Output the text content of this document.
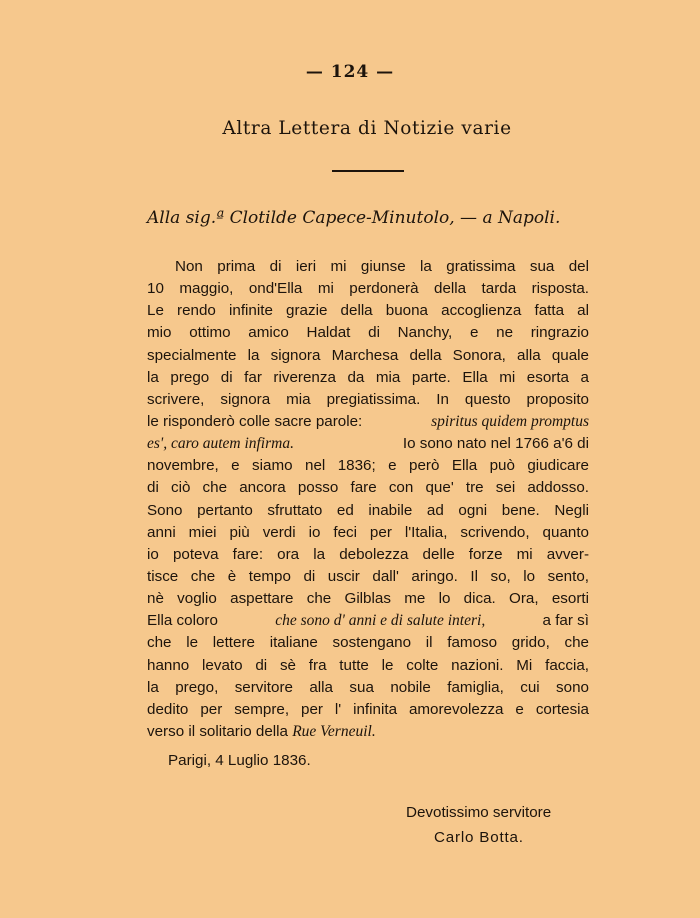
— 124 —
Altra Lettera di Notizie varie
Alla sig.ª Clotilde Capece-Minutolo, — a Napoli.
Non prima di ieri mi giunse la gratissima sua del
10 maggio, ond'Ella mi perdonerà della tarda risposta.
Le rendo infinite grazie della buona accoglienza fatta al
mio ottimo amico Haldat di Nanchy, e ne ringrazio
specialmente la signora Marchesa della Sonora, alla quale
la prego di far riverenza da mia parte. Ella mi esorta a
scrivere, signora mia pregiatissima. In questo proposito
le risponderò colle sacre parole:	spiritus quidem promptus
es', caro autem infirma.	Io sono nato nel 1766 a'6 di
novembre, e siamo nel 1836; e però Ella può giudicare
di ciò che ancora posso fare con que' tre sei addosso.
Sono pertanto sfruttato ed inabile ad ogni bene. Negli
anni miei più verdi io feci per l'Italia, scrivendo, quanto
io poteva fare: ora la debolezza delle forze mi avver-
tisce che è tempo di uscir dall' aringo. Il so, lo sento,
nè voglio aspettare che Gilblas me lo dica. Ora, esorti
Ella coloro	che sono d' anni e di salute interi,	a far sì
che le lettere italiane sostengano il famoso grido, che
hanno levato di sè fra tutte le colte nazioni. Mi faccia,
la prego, servitore alla sua nobile famiglia, cui sono
dedito per sempre, per l' infinita amorevolezza e cortesia
verso il solitario della Rue Verneuil.
Parigi, 4 Luglio 1836.
Devotissimo servitore
Carlo Botta.
